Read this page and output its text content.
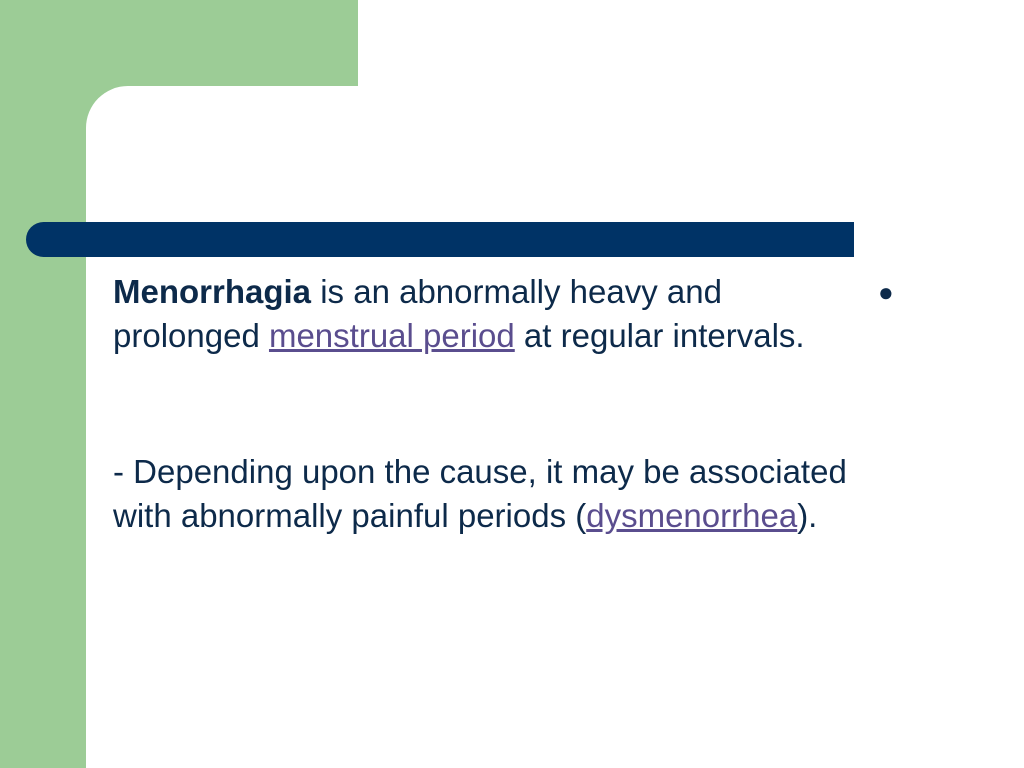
Menorrhagia is an abnormally heavy and	●

prolonged menstrual period at regular intervals.

- Depending upon the cause, it may be associated with abnormally painful periods (dysmenorrhea).
